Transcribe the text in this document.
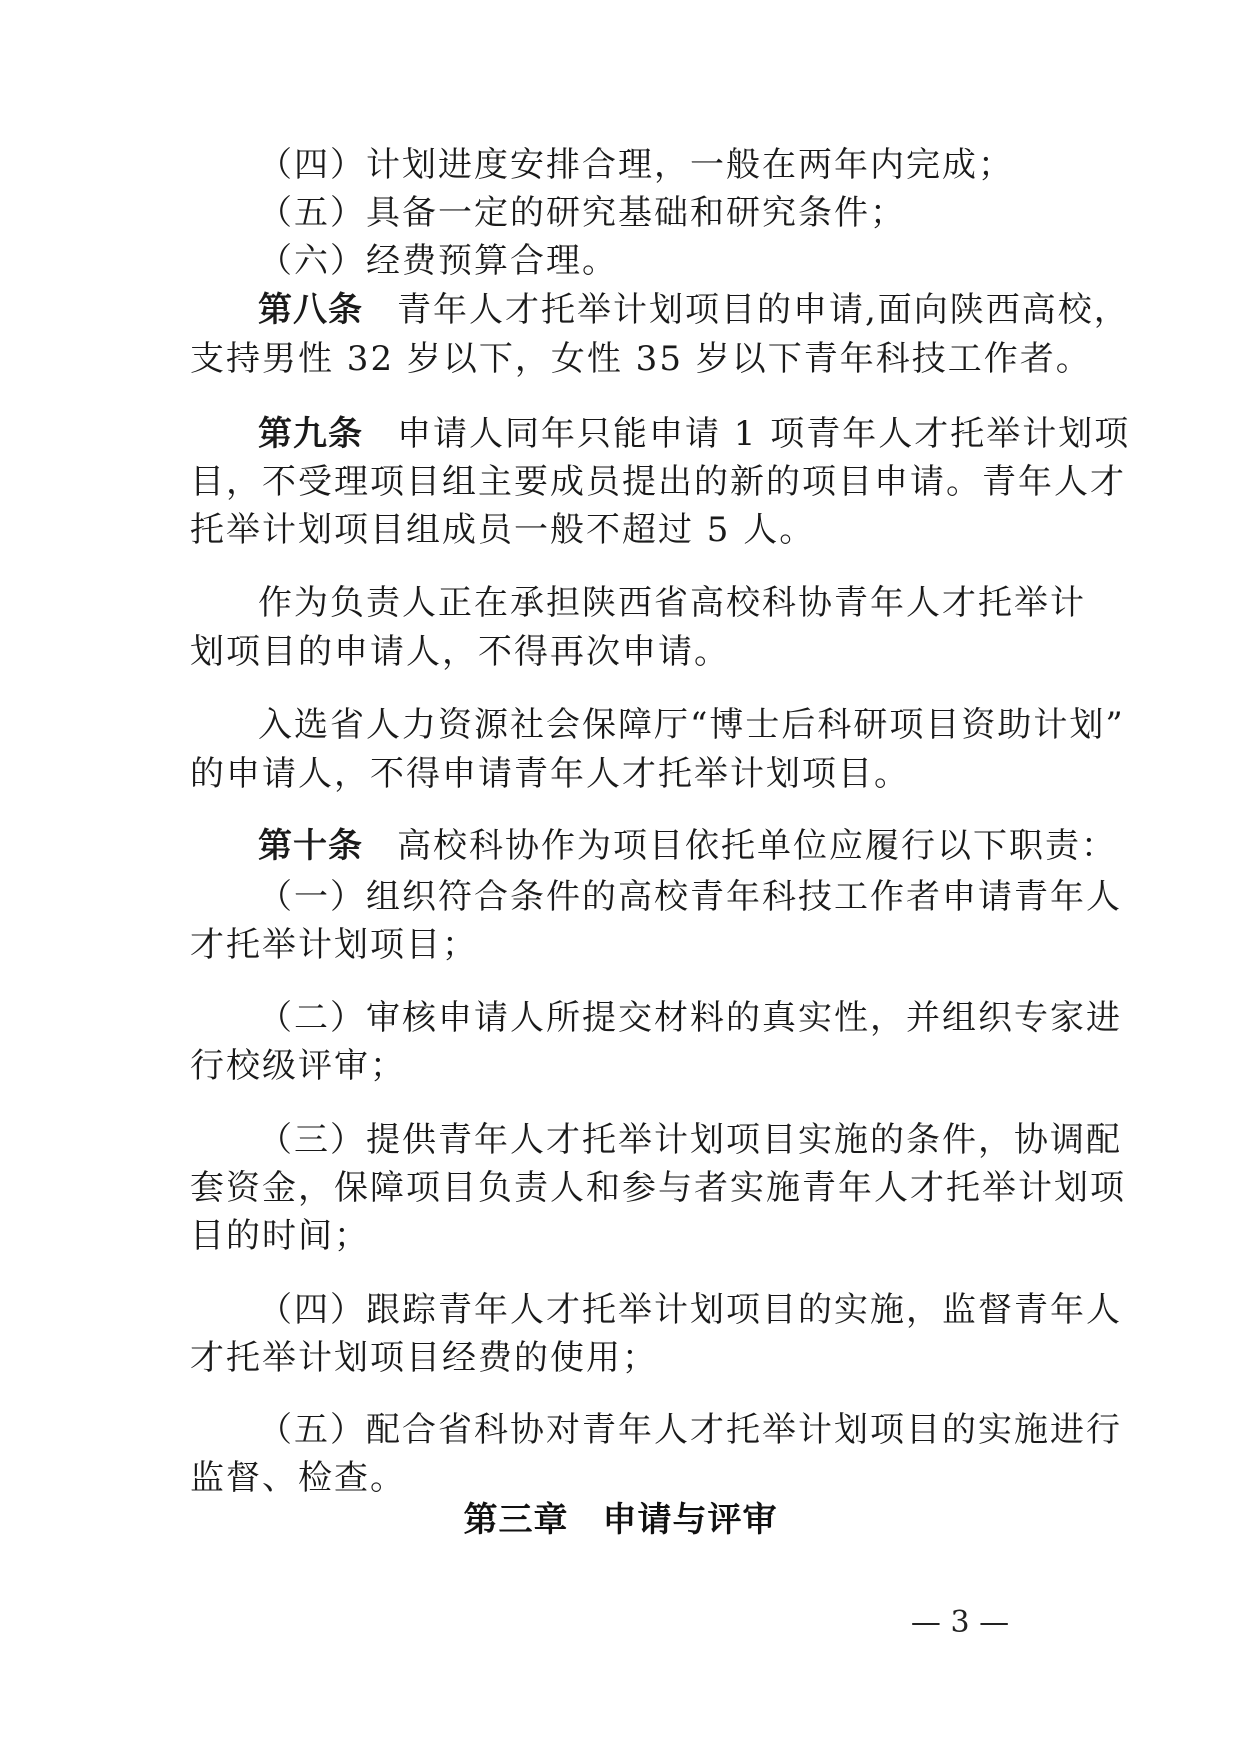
（四）计划进度安排合理，一般在两年内完成；
（五）具备一定的研究基础和研究条件；
（六）经费预算合理。
第八条 青年人才托举计划项目的申请,面向陕西高校，
支持男性 32 岁以下，女性 35 岁以下青年科技工作者。
第九条 申请人同年只能申请 1 项青年人才托举计划项
目，不受理项目组主要成员提出的新的项目申请。青年人才
托举计划项目组成员一般不超过 5 人。
作为负责人正在承担陕西省高校科协青年人才托举计
划项目的申请人，不得再次申请。
入选省人力资源社会保障厅“博士后科研项目资助计划”
的申请人，不得申请青年人才托举计划项目。
第十条 高校科协作为项目依托单位应履行以下职责：
（一）组织符合条件的高校青年科技工作者申请青年人
才托举计划项目；
（二）审核申请人所提交材料的真实性，并组织专家进
行校级评审；
（三）提供青年人才托举计划项目实施的条件，协调配
套资金，保障项目负责人和参与者实施青年人才托举计划项
目的时间；
（四）跟踪青年人才托举计划项目的实施，监督青年人
才托举计划项目经费的使用；
（五）配合省科协对青年人才托举计划项目的实施进行
监督、检查。
第三章 申请与评审
— 3 —
